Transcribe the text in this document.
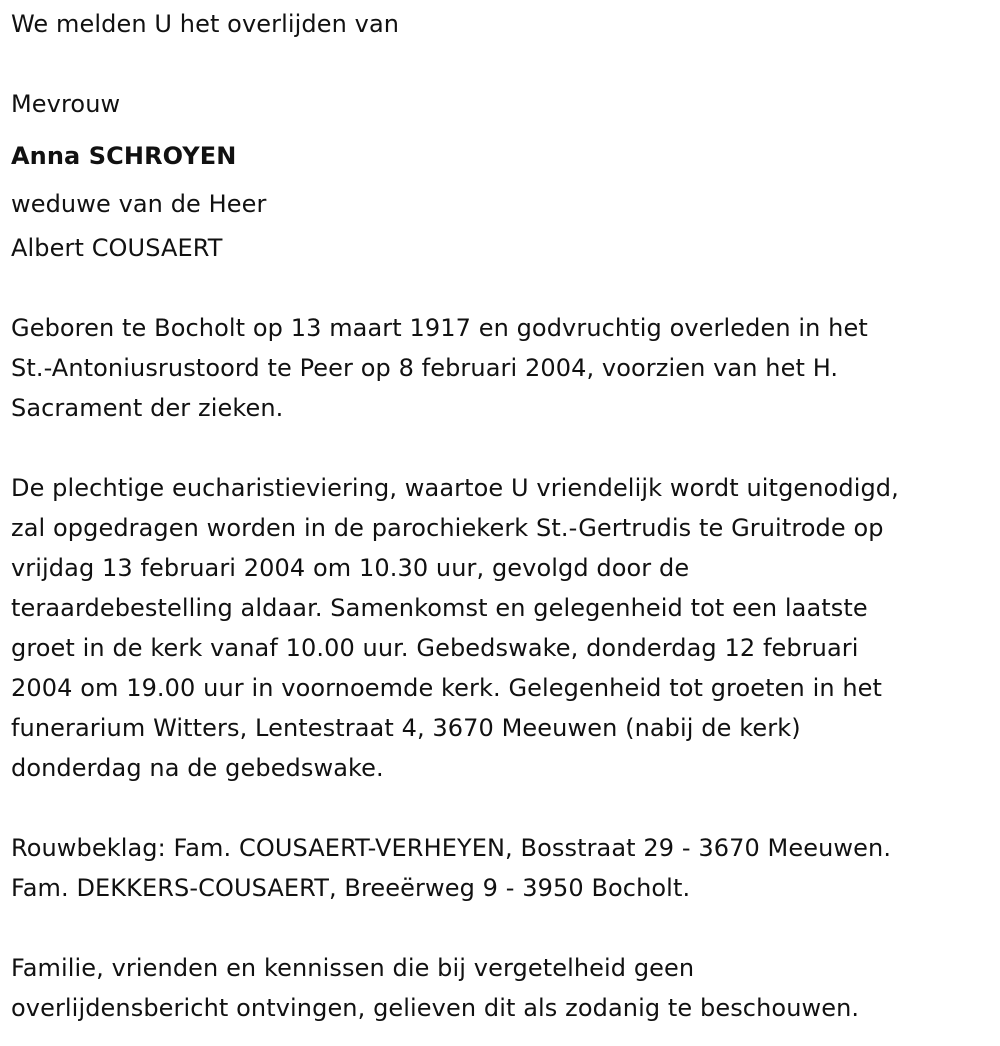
We melden U het overlijden van

Mevrouw

Anna SCHROYEN

weduwe van de Heer

Albert COUSAERT

Geboren te Bocholt op 13 maart 1917 en godvruchtig overleden in het

St.-Antoniusrustoord te Peer op 8 februari 2004, voorzien van het H.

Sacrament der zieken.

De plechtige eucharistieviering, waartoe U vriendelijk wordt uitgenodigd,

zal opgedragen worden in de parochiekerk St.-Gertrudis te Gruitrode op

vrijdag 13 februari 2004 om 10.30 uur, gevolgd door de

teraardebestelling aldaar. Samenkomst en gelegenheid tot een laatste

groet in de kerk vanaf 10.00 uur. Gebedswake, donderdag 12 februari

2004 om 19.00 uur in voornoemde kerk. Gelegenheid tot groeten in het

funerarium Witters, Lentestraat 4, 3670 Meeuwen (nabij de kerk)

donderdag na de gebedswake.

Rouwbeklag: Fam. COUSAERT-VERHEYEN, Bosstraat 29 - 3670 Meeuwen.

Fam. DEKKERS-COUSAERT, Breeërweg 9 - 3950 Bocholt.

Familie, vrienden en kennissen die bij vergetelheid geen

overlijdensbericht ontvingen, gelieven dit als zodanig te beschouwen.
